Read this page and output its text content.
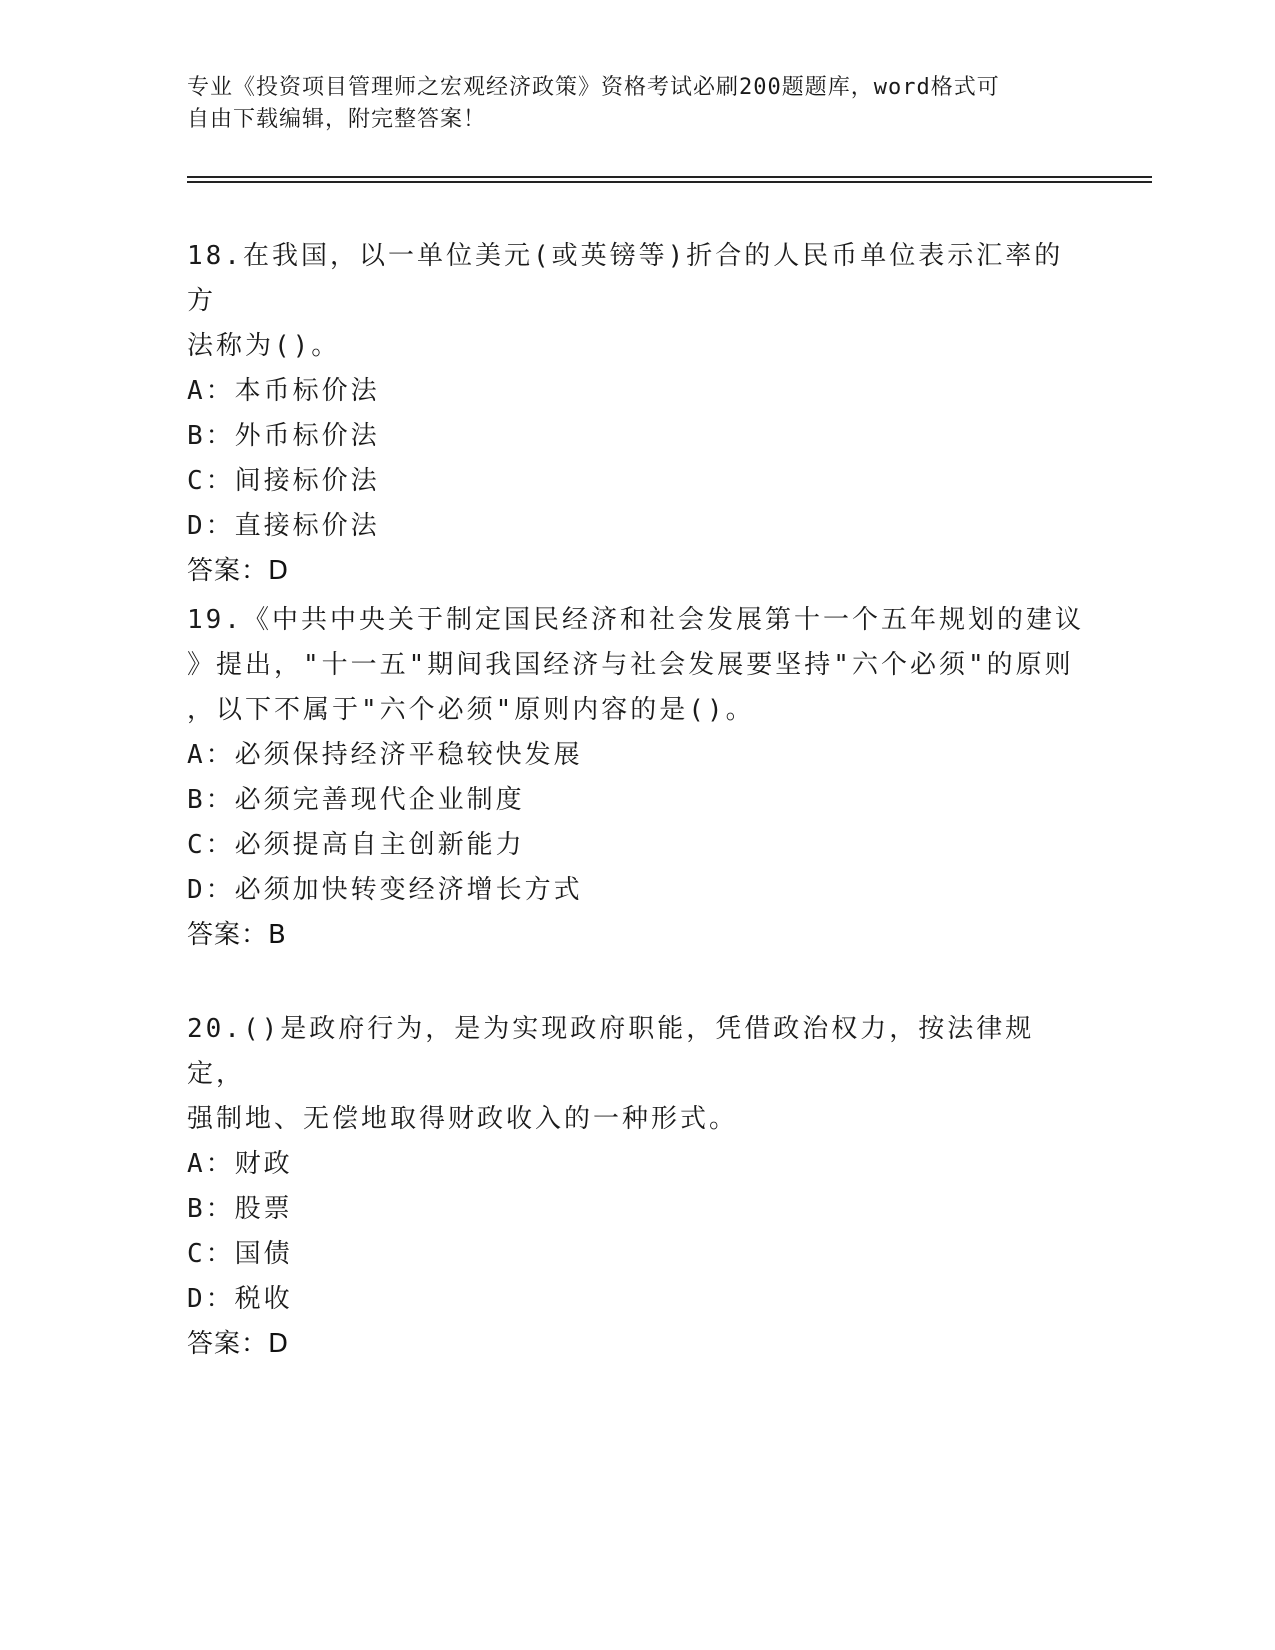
专业《投资项目管理师之宏观经济政策》资格考试必刷200题题库，word格式可
自由下载编辑，附完整答案！

18.在我国，以一单位美元(或英镑等)折合的人民币单位表示汇率的方

法称为()。

A：本币标价法

B：外币标价法

C：间接标价法

D：直接标价法

答案：D

19.《中共中央关于制定国民经济和社会发展第十一个五年规划的建议

》提出，"十一五"期间我国经济与社会发展要坚持"六个必须"的原则

，以下不属于"六个必须"原则内容的是()。

A：必须保持经济平稳较快发展

B：必须完善现代企业制度

C：必须提高自主创新能力

D：必须加快转变经济增长方式

答案：B

20.()是政府行为，是为实现政府职能，凭借政治权力，按法律规定，

强制地、无偿地取得财政收入的一种形式。

A：财政

B：股票

C：国债

D：税收

答案：D
